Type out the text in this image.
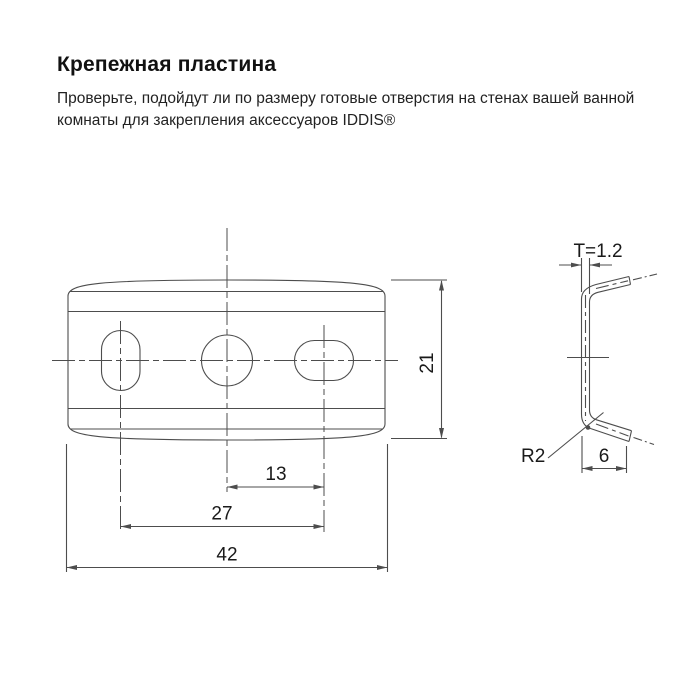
Крепежная пластина

Проверьте, подойдут ли по размеру готовые отверстия на стенах вашей ванной комнаты для закрепления аксессуаров IDDIS®

21
13
27
42
T=1.2
R2	6
